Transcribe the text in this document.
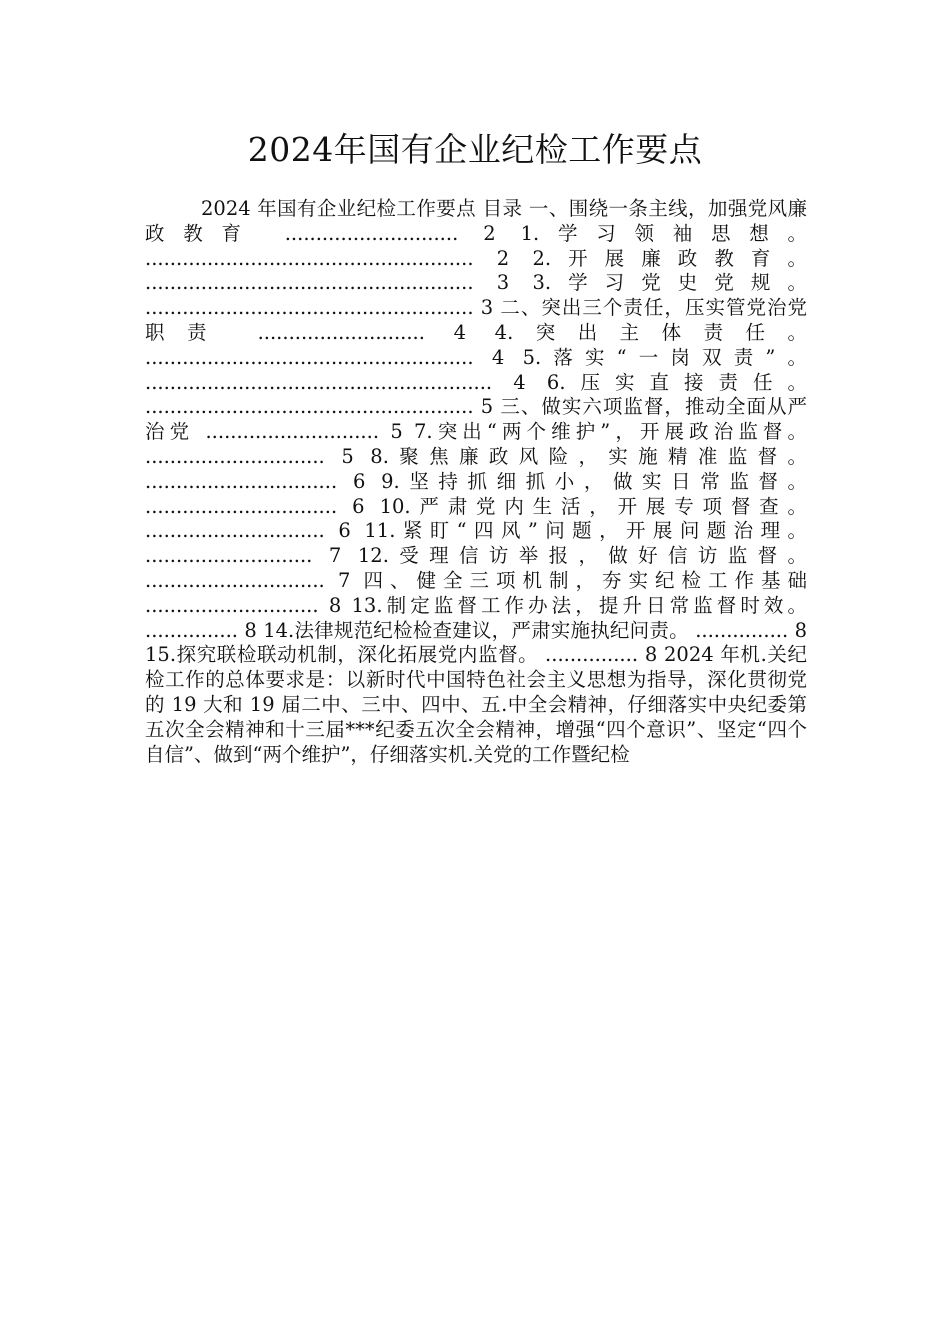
2024年国有企业纪检工作要点

2024 年国有企业纪检工作要点 目录 一、围绕一条主线，加强党风廉政教育 ............................ 2 1.学习领袖思想。 ..................................................... 2 2.开展廉政教育。 ..................................................... 3 3.学习党史党规。 ..................................................... 3 二、突出三个责任，压实管党治党职责 ........................... 4 4.突出主体责任。 ..................................................... 4 5.落实“一岗双责”。 ........................................................ 4 6.压实直接责任。 ..................................................... 5 三、做实六项监督，推动全面从严治党 ............................ 5 7.突出“两个维护”，开展政治监督。 ............................. 5 8.聚焦廉政风险，实施精准监督。 ............................... 6 9.坚持抓细抓小，做实日常监督。 ............................... 6 10.严肃党内生活，开展专项督查。 ............................. 6 11.紧盯“四风”问题，开展问题治理。 ........................... 7 12.受理信访举报，做好信访监督。 ............................. 7 四、健全三项机制，夯实纪检工作基础 ............................ 8 13.制定监督工作办法，提升日常监督时效。 ............... 8 14.法律规范纪检检查建议，严肃实施执纪问责。 ............... 8 15.探究联检联动机制，深化拓展党内监督。 ............... 8 2024 年机.关纪检工作的总体要求是：以新时代中国特色社会主义思想为指导，深化贯彻党的 19 大和 19 届二中、三中、四中、五.中全会精神，仔细落实中央纪委第五次全会精神和十三届***纪委五次全会精神，增强“四个意识”、坚定“四个自信”、做到“两个维护”，仔细落实机.关党的工作暨纪检
